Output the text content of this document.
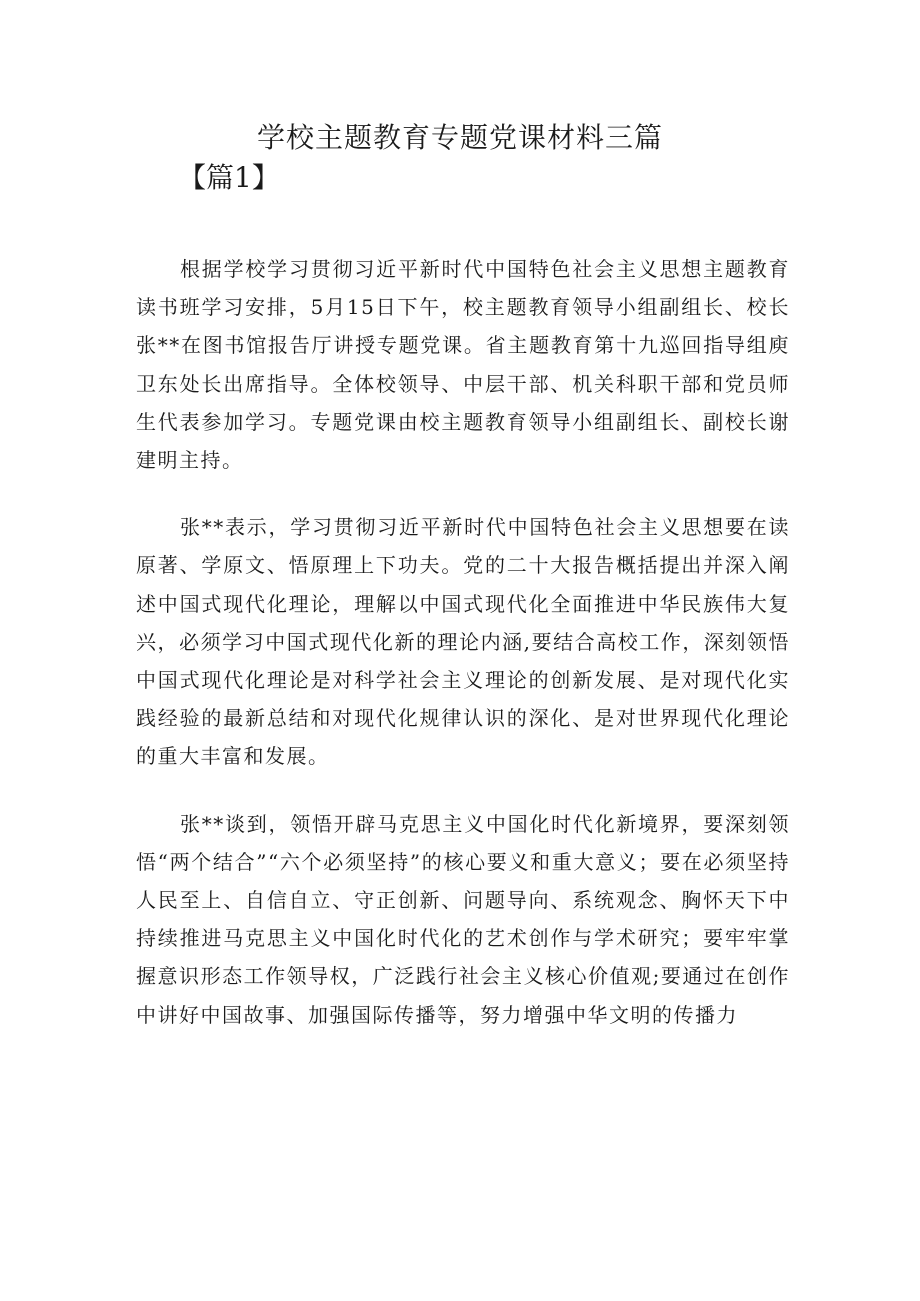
学校主题教育专题党课材料三篇
【篇1】

根据学校学习贯彻习近平新时代中国特色社会主义思想主题教育读书班学习安排，5月15日下午，校主题教育领导小组副组长、校长张**在图书馆报告厅讲授专题党课。省主题教育第十九巡回指导组庾卫东处长出席指导。全体校领导、中层干部、机关科职干部和党员师生代表参加学习。专题党课由校主题教育领导小组副组长、副校长谢建明主持。

张**表示，学习贯彻习近平新时代中国特色社会主义思想要在读原著、学原文、悟原理上下功夫。党的二十大报告概括提出并深入阐述中国式现代化理论，理解以中国式现代化全面推进中华民族伟大复兴，必须学习中国式现代化新的理论内涵,要结合高校工作，深刻领悟中国式现代化理论是对科学社会主义理论的创新发展、是对现代化实践经验的最新总结和对现代化规律认识的深化、是对世界现代化理论的重大丰富和发展。

张**谈到，领悟开辟马克思主义中国化时代化新境界，要深刻领悟“两个结合”“六个必须坚持”的核心要义和重大意义；要在必须坚持人民至上、自信自立、守正创新、问题导向、系统观念、胸怀天下中持续推进马克思主义中国化时代化的艺术创作与学术研究；要牢牢掌握意识形态工作领导权，广泛践行社会主义核心价值观;要通过在创作中讲好中国故事、加强国际传播等，努力增强中华文明的传播力
